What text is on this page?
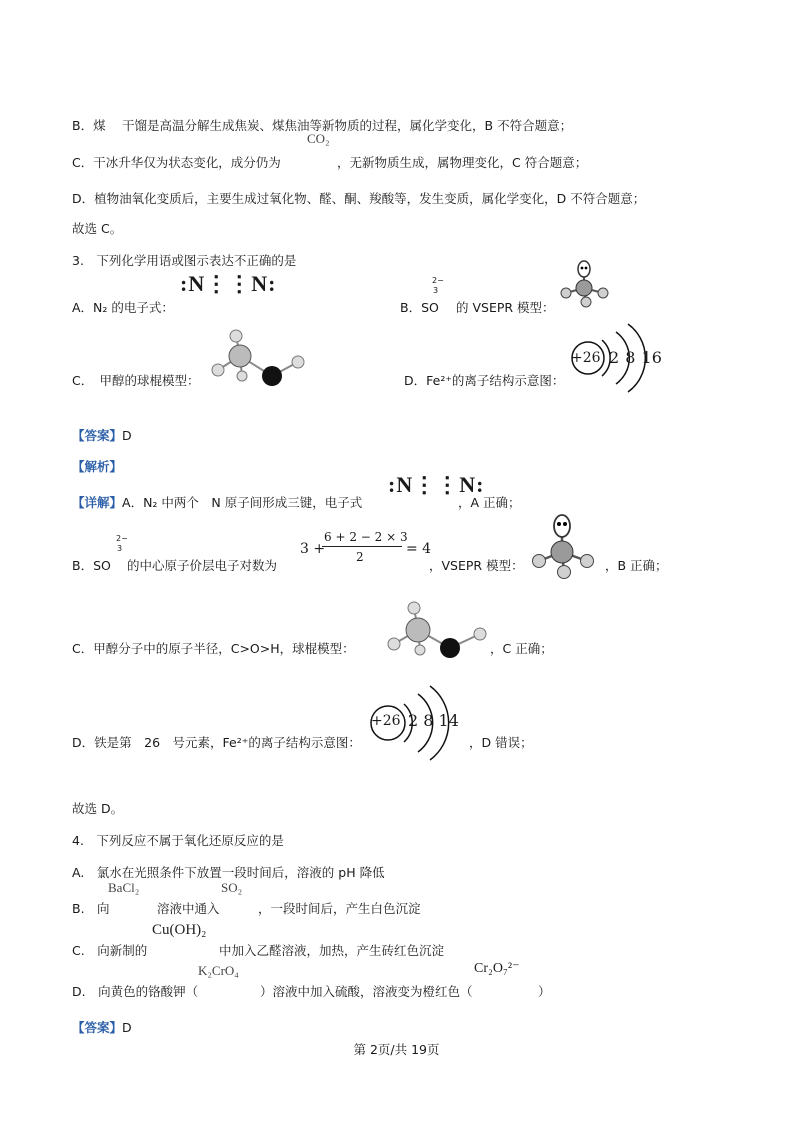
B．煤　 干馏是高温分解生成焦炭、煤焦油等新物质的过程，属化学变化，B 不符合题意；
CO₂
C．干冰升华仅为状态变化，成分仍为	，无新物质生成，属物理变化，C 符合题意；
D．植物油氧化变质后，主要生成过氧化物、醛、酮、羧酸等，发生变质，属化学变化，D 不符合题意；
故选 C。
3.　下列化学用语或图示表达不正确的是
:N⋮⋮N:
A．N₂ 的电子式：	B．SO
2−
3
的 VSEPR 模型：
C．　甲醇的球棍模型：	D．Fe²⁺的离子结构示意图：
+26 2 8 16
【答案】D
【解析】
:N⋮⋮N:
【详解】A．N₂ 中两个　N 原子间形成三键，电子式	，A 正确；
B．SO
2−
3
的中心原子价层电子对数为
3 +
6 + 2 − 2 × 3
2	= 4
，VSEPR 模型：	，B 正确；
C．甲醇分子中的原子半径，C>O>H，球棍模型：	，C 正确；
D．铁是第　26　号元素，Fe²⁺的离子结构示意图：
+26 2 8 14
，D 错误；
故选 D。
4.　下列反应不属于氧化还原反应的是
A.　氯水在光照条件下放置一段时间后，溶液的 pH 降低
BaCl₂	SO₂
B.　向	溶液中通入	，一段时间后，产生白色沉淀
Cu(OH)₂
C.　向新制的	中加入乙醛溶液，加热，产生砖红色沉淀
K₂CrO₄	Cr₂O₇²⁻
D.　向黄色的铬酸钾（	）溶液中加入硫酸，溶液变为橙红色（	）
【答案】D
第 2页/共 19页
